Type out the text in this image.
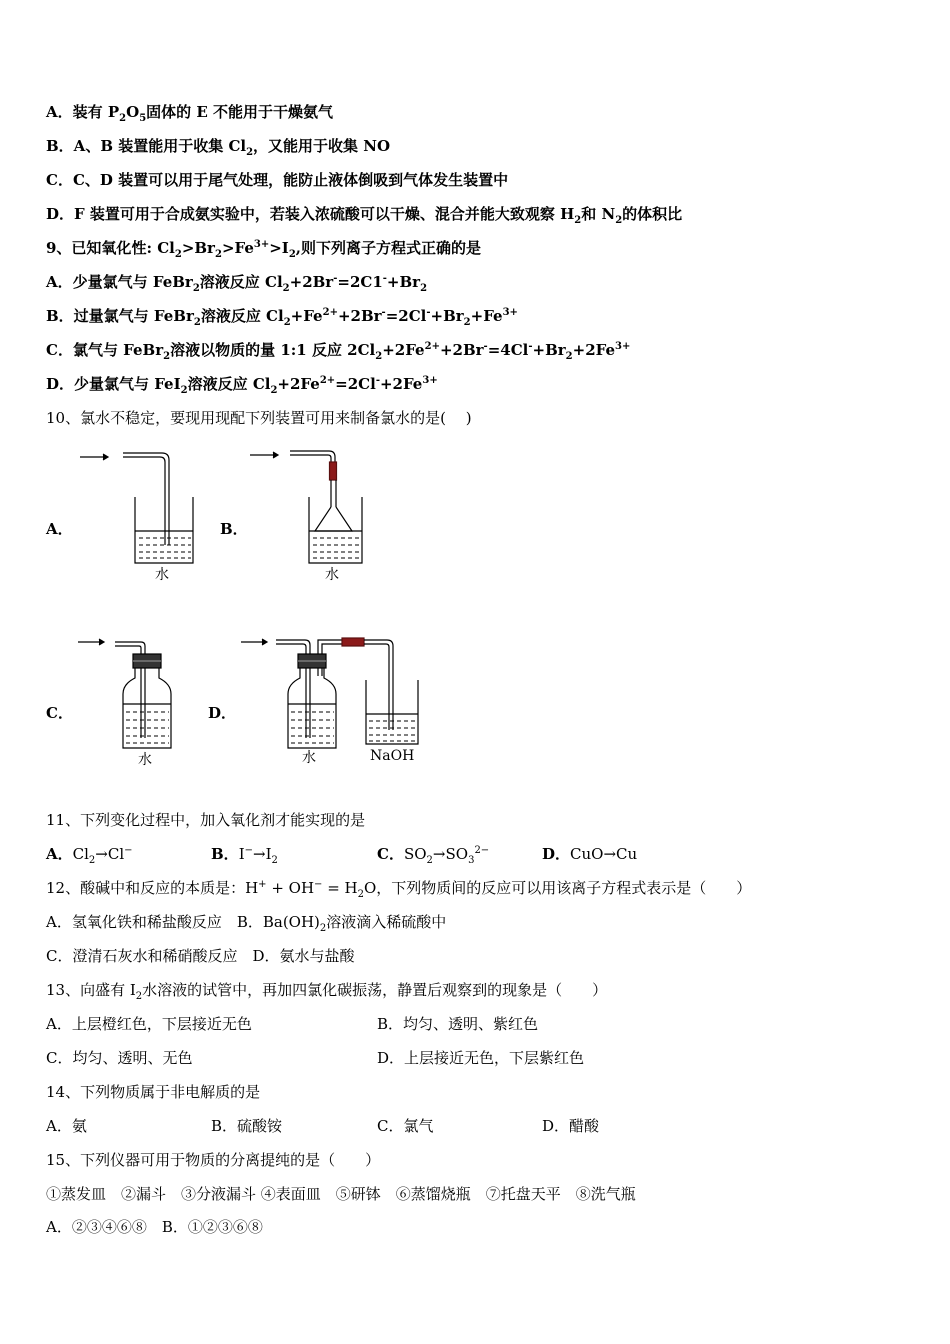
A．装有 $P_2O_5$固体的 E 不能用于干燥氨气
B．A、B 装置能用于收集 $Cl_2$，又能用于收集 NO
C．C、D 装置可以用于尾气处理，能防止液体倒吸到气体发生装置中
D．F 装置可用于合成氨实验中，若装入浓硫酸可以干燥、混合并能大致观察 $H_2$和 $N_2$的体积比
9、已知氧化性: $Cl_2>Br_2>Fe^{3+}>I_2$,则下列离子方程式正确的是
A．少量氯气与 FeBr$_2$溶液反应 $Cl_2+2Br^-=2C1^-+Br_2$
B．过量氯气与 FeBr$_2$溶液反应 $Cl_2+Fe^{2+}+2Br^-=2Cl^-+Br_2+Fe^{3+}$
C．氯气与 FeBr$_2$溶液以物质的量 1:1 反应 $2Cl_2+2Fe^{2+}+2Br^-=4Cl^-+Br_2+2Fe^{3+}$
D．少量氯气与 FeI$_2$溶液反应 $Cl_2+2Fe^{2+}=2Cl^-+2Fe^{3+}$
10、氯水不稳定，要现用现配下列装置可用来制备氯水的是(　 )
A．	B．
C．	D．
水	水
水	水	NaOH
11、下列变化过程中，加入氧化剂才能实现的是
A．$Cl_2\to Cl^-$	B．$I^-\to I_2$	C．$SO_2\to SO_3^{2-}$	D．CuO→Cu
12、酸碱中和反应的本质是：$H^+ + OH^- = H_2O$，下列物质间的反应可以用该离子方程式表示是（　　）
A．氢氧化铁和稀盐酸反应　B．$Ba(OH)_2$溶液滴入稀硫酸中
C．澄清石灰水和稀硝酸反应　D．氨水与盐酸
13、向盛有 $I_2$水溶液的试管中，再加四氯化碳振荡，静置后观察到的现象是（　　）
A．上层橙红色，下层接近无色	B．均匀、透明、紫红色
C．均匀、透明、无色	D．上层接近无色，下层紫红色
14、下列物质属于非电解质的是
A．氨	B．硫酸铵	C．氯气	D．醋酸
15、下列仪器可用于物质的分离提纯的是（　　）
①蒸发皿　②漏斗　③分液漏斗 ④表面皿　⑤研钵　⑥蒸馏烧瓶　⑦托盘天平　⑧洗气瓶
A．②③④⑥⑧　B．①②③⑥⑧
